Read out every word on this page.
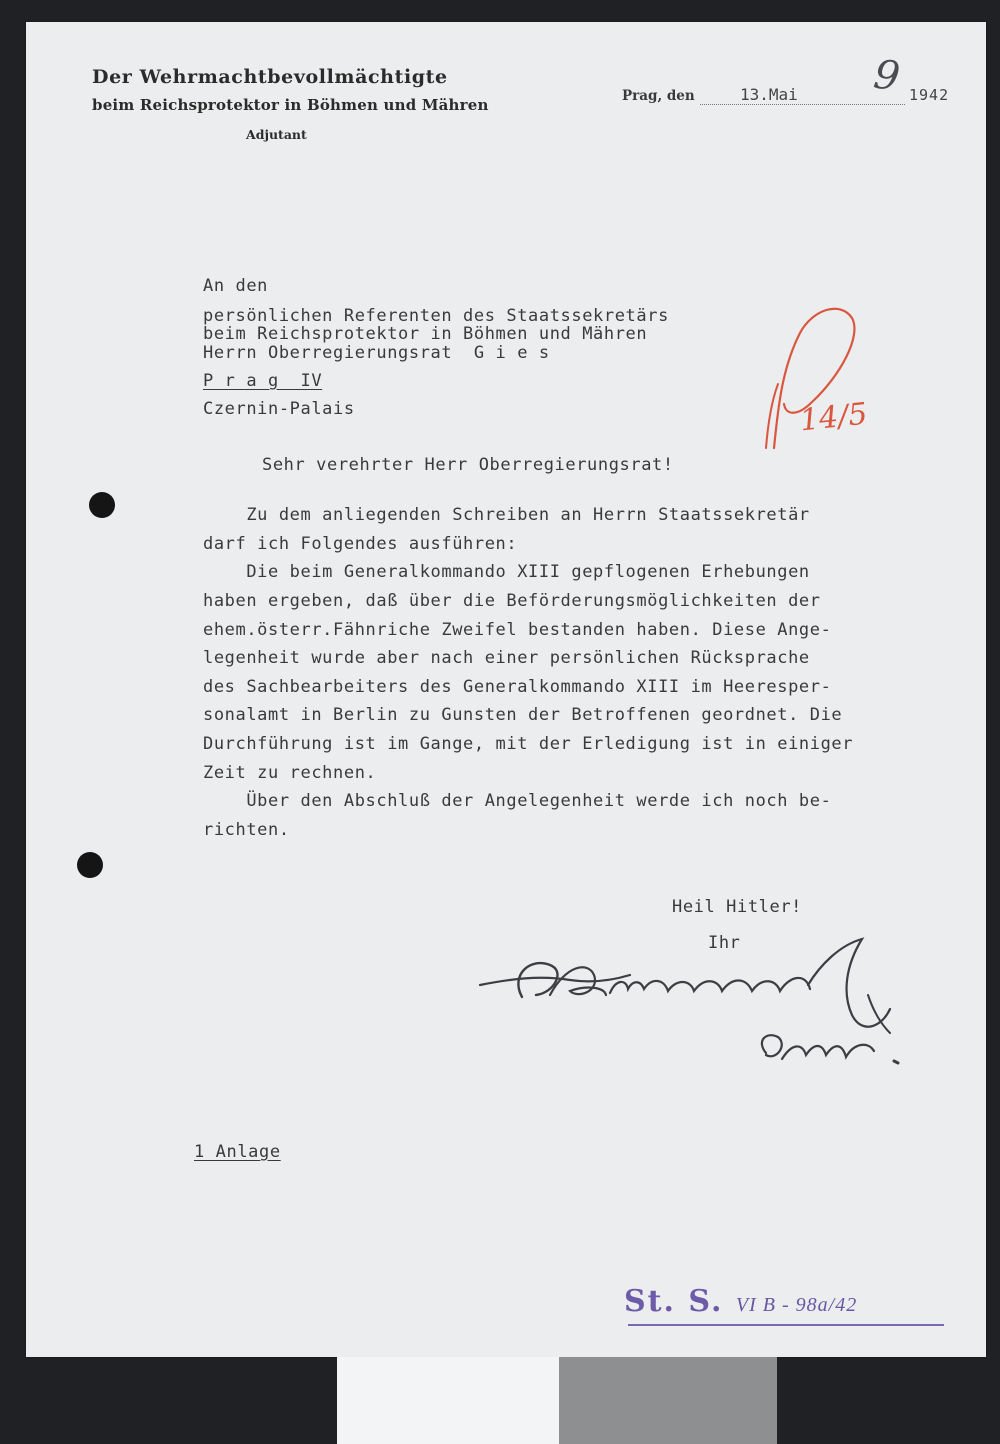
Der Wehrmachtbevollmächtigte
beim Reichsprotektor in Böhmen und Mähren
Adjutant
Prag, den	13.Mai	1942
9
An den
persönlichen Referenten des Staatssekretärs
beim Reichsprotektor in Böhmen und Mähren
Herrn Oberregierungsrat  G i e s
P r a g  IV
Czernin-Palais	14/5
Sehr verehrter Herr Oberregierungsrat!
Zu dem anliegenden Schreiben an Herrn Staatssekretär
darf ich Folgendes ausführen:
Die beim Generalkommando XIII gepflogenen Erhebungen
haben ergeben, daß über die Beförderungsmöglichkeiten der
ehem.österr.Fähnriche Zweifel bestanden haben. Diese Ange-
legenheit wurde aber nach einer persönlichen Rücksprache
des Sachbearbeiters des Generalkommando XIII im Heeresper-
sonalamt in Berlin zu Gunsten der Betroffenen geordnet. Die
Durchführung ist im Gange, mit der Erledigung ist in einiger
Zeit zu rechnen.
Über den Abschluß der Angelegenheit werde ich noch be-
richten.
Heil Hitler!
Ihr
1 Anlage
St. S. VI B - 98a/42
